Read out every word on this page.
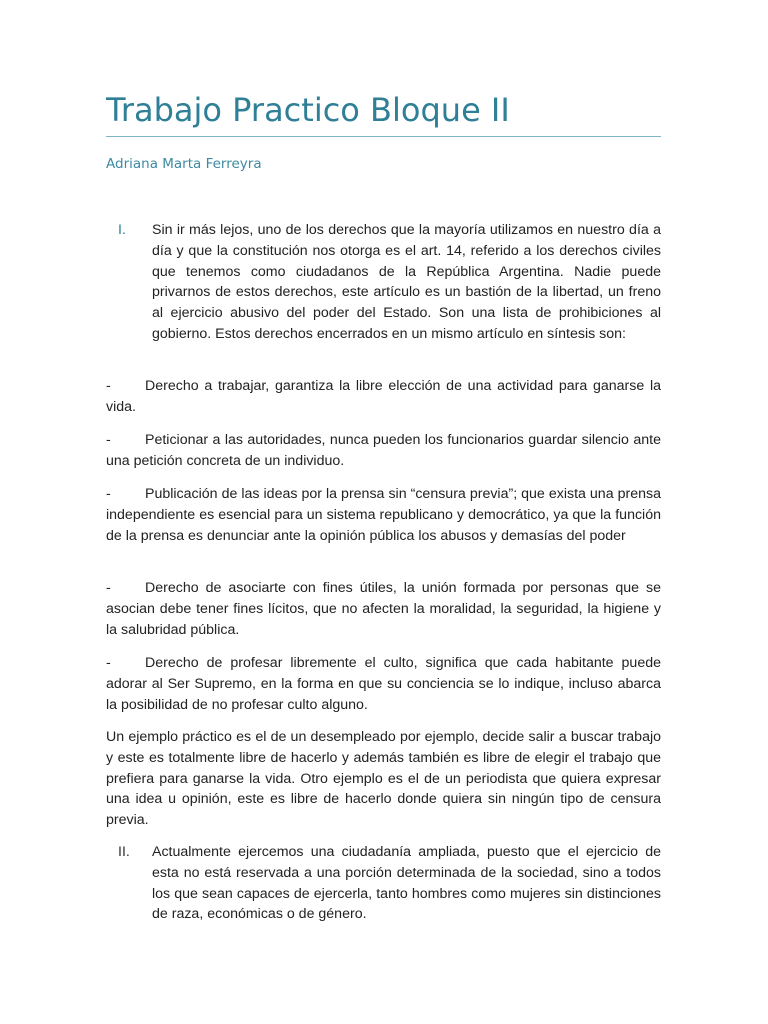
Trabajo Practico Bloque II
Adriana Marta Ferreyra
I. Sin ir más lejos, uno de los derechos que la mayoría utilizamos en nuestro día a día y que la constitución nos otorga es el art. 14, referido a los derechos civiles que tenemos como ciudadanos de la República Argentina. Nadie puede privarnos de estos derechos, este artículo es un bastión de la libertad, un freno al ejercicio abusivo del poder del Estado. Son una lista de prohibiciones al gobierno. Estos derechos encerrados en un mismo artículo en síntesis son:
- Derecho a trabajar, garantiza la libre elección de una actividad para ganarse la vida.
- Peticionar a las autoridades, nunca pueden los funcionarios guardar silencio ante una petición concreta de un individuo.
- Publicación de las ideas por la prensa sin “censura previa”; que exista una prensa independiente es esencial para un sistema republicano y democrático, ya que la función de la prensa es denunciar ante la opinión pública los abusos y demasías del poder
- Derecho de asociarte con fines útiles, la unión formada por personas que se asocian debe tener fines lícitos, que no afecten la moralidad, la seguridad, la higiene y la salubridad pública.
- Derecho de profesar libremente el culto, significa que cada habitante puede adorar al Ser Supremo, en la forma en que su conciencia se lo indique, incluso abarca la posibilidad de no profesar culto alguno.
Un ejemplo práctico es el de un desempleado por ejemplo, decide salir a buscar trabajo y este es totalmente libre de hacerlo y además también es libre de elegir el trabajo que prefiera para ganarse la vida. Otro ejemplo es el de un periodista que quiera expresar una idea u opinión, este es libre de hacerlo donde quiera sin ningún tipo de censura previa.
II. Actualmente ejercemos una ciudadanía ampliada, puesto que el ejercicio de esta no está reservada a una porción determinada de la sociedad, sino a todos los que sean capaces de ejercerla, tanto hombres como mujeres sin distinciones de raza, económicas o de género.
